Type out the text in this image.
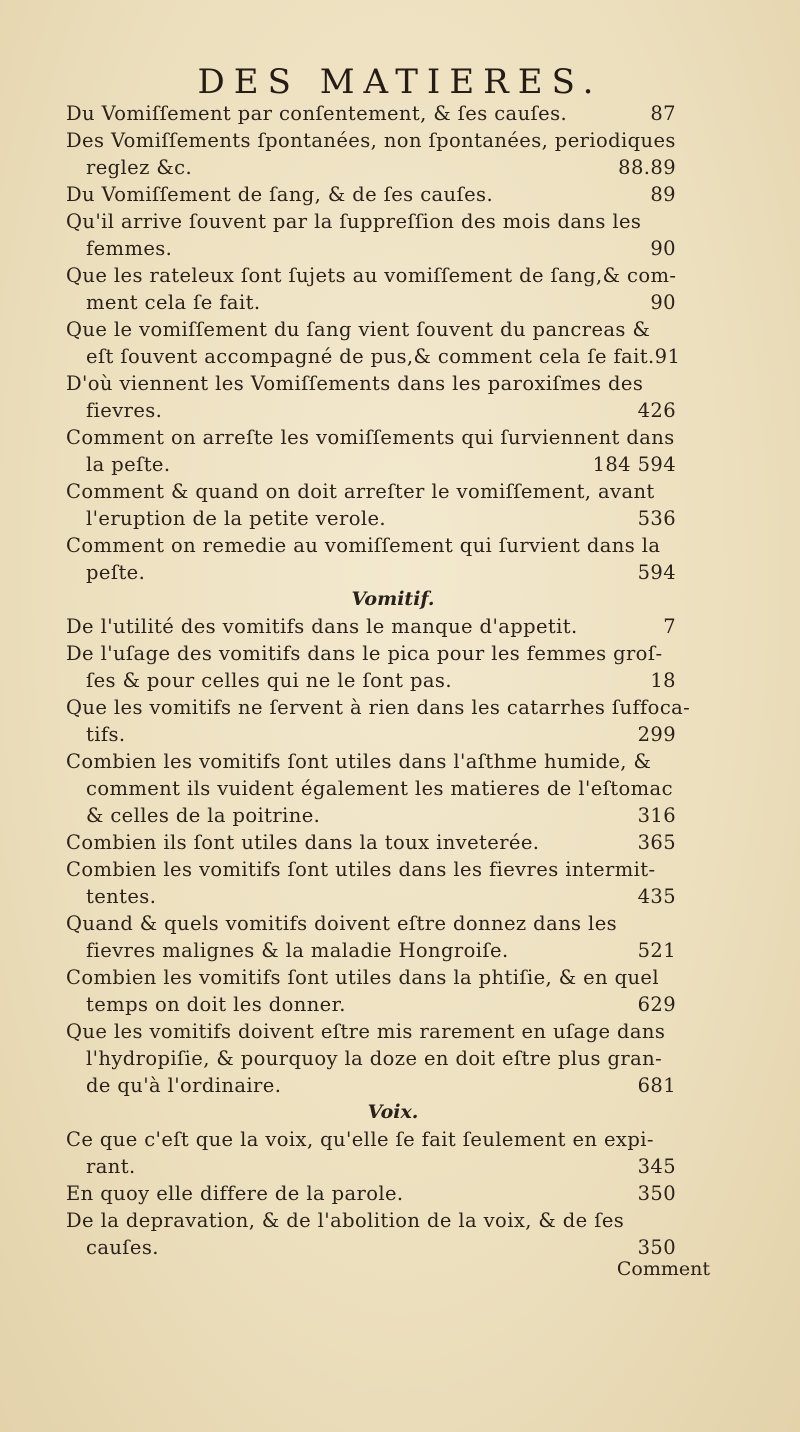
DES MATIERES.
Du Vomiſſement par conſentement, & ſes cauſes.	87
Des Vomiſſements ſpontanées, non ſpontanées, periodiques
reglez &c.	88.89
Du Vomiſſement de ſang, & de ſes cauſes.	89
Qu'il arrive ſouvent par la ſuppreſſion des mois dans les
femmes.	90
Que les rateleux ſont ſujets au vomiſſement de ſang,& com-
ment cela ſe fait.	90
Que le vomiſſement du ſang vient ſouvent du pancreas &
eſt ſouvent accompagné de pus,& comment cela ſe fait.91
D'où viennent les Vomiſſements dans les paroxiſmes des
fievres.	426
Comment on arreſte les vomiſſements qui ſurviennent dans
la peſte.	184 594
Comment & quand on doit arreſter le vomiſſement, avant
l'eruption de la petite verole.	536
Comment on remedie au vomiſſement qui ſurvient dans la
peſte.	594
Vomitif.
De l'utilité des vomitifs dans le manque d'appetit.	7
De l'uſage des vomitifs dans le pica pour les femmes groſ-
ſes & pour celles qui ne le ſont pas.	18
Que les vomitifs ne ſervent à rien dans les catarrhes ſuffoca-
tifs.	299
Combien les vomitifs ſont utiles dans l'aſthme humide, &
comment ils vuident également les matieres de l'eſtomac
& celles de la poitrine.	316
Combien ils ſont utiles dans la toux inveterée.	365
Combien les vomitifs ſont utiles dans les fievres intermit-
tentes.	435
Quand & quels vomitifs doivent eſtre donnez dans les
fievres malignes & la maladie Hongroiſe.	521
Combien les vomitifs ſont utiles dans la phtiſie, & en quel
temps on doit les donner.	629
Que les vomitifs doivent eſtre mis rarement en uſage dans
l'hydropiſie, & pourquoy la doze en doit eſtre plus gran-
de qu'à l'ordinaire.	681
Voix.
Ce que c'eſt que la voix, qu'elle ſe fait ſeulement en expi-
rant.	345
En quoy elle differe de la parole.	350
De la depravation, & de l'abolition de la voix, & de ſes
cauſes.	350
Comment
